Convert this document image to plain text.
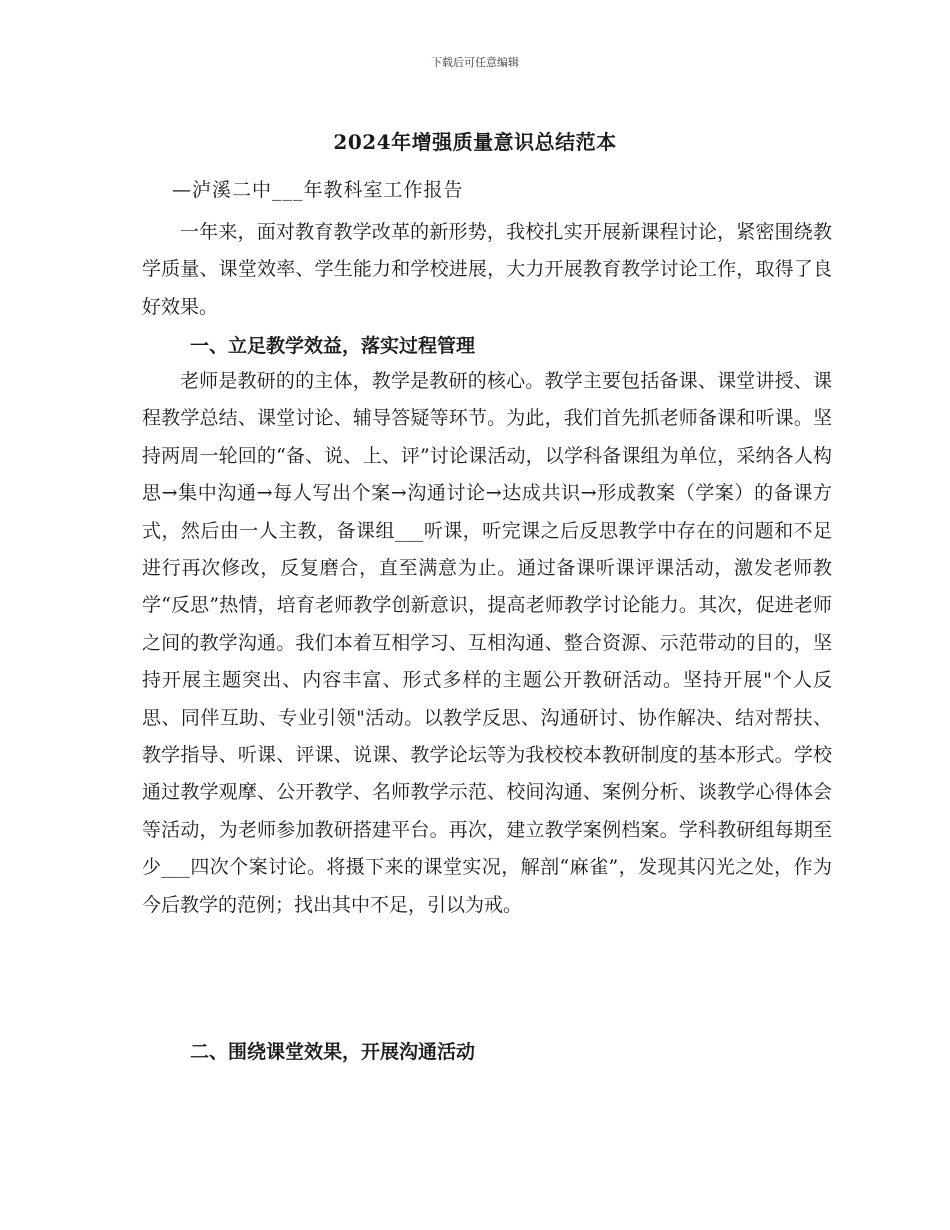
下载后可任意编辑
2024年增强质量意识总结范本
—泸溪二中___年教科室工作报告

一年来，面对教育教学改革的新形势，我校扎实开展新课程讨论，紧密围绕教学质量、课堂效率、学生能力和学校进展，大力开展教育教学讨论工作，取得了良好效果。

一、立足教学效益，落实过程管理

老师是教研的的主体，教学是教研的核心。教学主要包括备课、课堂讲授、课程教学总结、课堂讨论、辅导答疑等环节。为此，我们首先抓老师备课和听课。坚持两周一轮回的“备、说、上、评”讨论课活动，以学科备课组为单位，采纳各人构思→集中沟通→每人写出个案→沟通讨论→达成共识→形成教案（学案）的备课方式，然后由一人主教，备课组___听课，听完课之后反思教学中存在的问题和不足进行再次修改，反复磨合，直至满意为止。通过备课听课评课活动，激发老师教学“反思”热情，培育老师教学创新意识，提高老师教学讨论能力。其次，促进老师之间的教学沟通。我们本着互相学习、互相沟通、整合资源、示范带动的目的，坚持开展主题突出、内容丰富、形式多样的主题公开教研活动。坚持开展"个人反思、同伴互助、专业引领"活动。以教学反思、沟通研讨、协作解决、结对帮扶、教学指导、听课、评课、说课、教学论坛等为我校校本教研制度的基本形式。学校通过教学观摩、公开教学、名师教学示范、校间沟通、案例分析、谈教学心得体会等活动，为老师参加教研搭建平台。再次，建立教学案例档案。学科教研组每期至少___四次个案讨论。将摄下来的课堂实况，解剖“麻雀”，发现其闪光之处，作为今后教学的范例；找出其中不足，引以为戒。

二、围绕课堂效果，开展沟通活动
